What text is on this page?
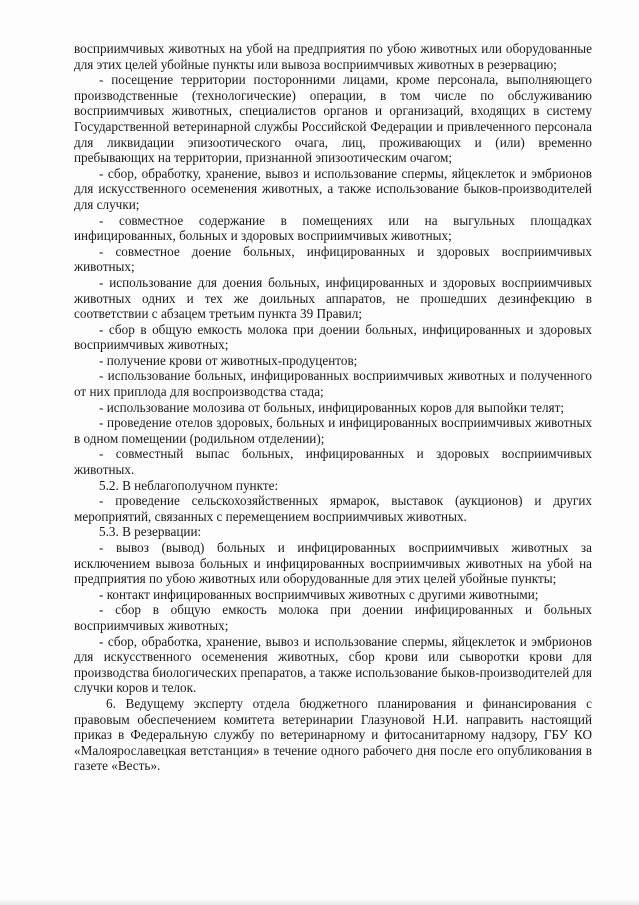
восприимчивых животных на убой на предприятия по убою животных или оборудованные для этих целей убойные пункты или вывоза восприимчивых животных в резервацию;

- посещение территории посторонними лицами, кроме персонала, выполняющего производственные (технологические) операции, в том числе по обслуживанию восприимчивых животных, специалистов органов и организаций, входящих в систему Государственной ветеринарной службы Российской Федерации и привлеченного персонала для ликвидации эпизоотического очага, лиц, проживающих и (или) временно пребывающих на территории, признанной эпизоотическим очагом;

- сбор, обработку, хранение, вывоз и использование спермы, яйцеклеток и эмбрионов для искусственного осеменения животных, а также использование быков-производителей для случки;

- совместное содержание в помещениях или на выгульных площадках инфицированных, больных и здоровых восприимчивых животных;

- совместное доение больных, инфицированных и здоровых восприимчивых животных;

- использование для доения больных, инфицированных и здоровых восприимчивых животных одних и тех же доильных аппаратов, не прошедших дезинфекцию в соответствии с абзацем третьим пункта 39 Правил;

- сбор в общую емкость молока при доении больных, инфицированных и здоровых восприимчивых животных;

- получение крови от животных-продуцентов;

- использование больных, инфицированных восприимчивых животных и полученного от них приплода для воспроизводства стада;

- использование молозива от больных, инфицированных коров для выпойки телят;

- проведение отелов здоровых, больных и инфицированных восприимчивых животных в одном помещении (родильном отделении);

- совместный выпас больных, инфицированных и здоровых восприимчивых животных.

5.2. В неблагополучном пункте:

- проведение сельскохозяйственных ярмарок, выставок (аукционов) и других мероприятий, связанных с перемещением восприимчивых животных.

5.3. В резервации:

- вывоз (вывод) больных и инфицированных восприимчивых животных за исключением вывоза больных и инфицированных восприимчивых животных на убой на предприятия по убою животных или оборудованные для этих целей убойные пункты;

- контакт инфицированных восприимчивых животных с другими животными;

- сбор в общую емкость молока при доении инфицированных и больных восприимчивых животных;

- сбор, обработка, хранение, вывоз и использование спермы, яйцеклеток и эмбрионов для искусственного осеменения животных, сбор крови или сыворотки крови для производства биологических препаратов, а также использование быков-производителей для случки коров и телок.

6. Ведущему эксперту отдела бюджетного планирования и финансирования с правовым обеспечением комитета ветеринарии Глазуновой Н.И. направить настоящий приказ в Федеральную службу по ветеринарному и фитосанитарному надзору, ГБУ КО «Малоярославецкая ветстанция» в течение одного рабочего дня после его опубликования в газете «Весть».
